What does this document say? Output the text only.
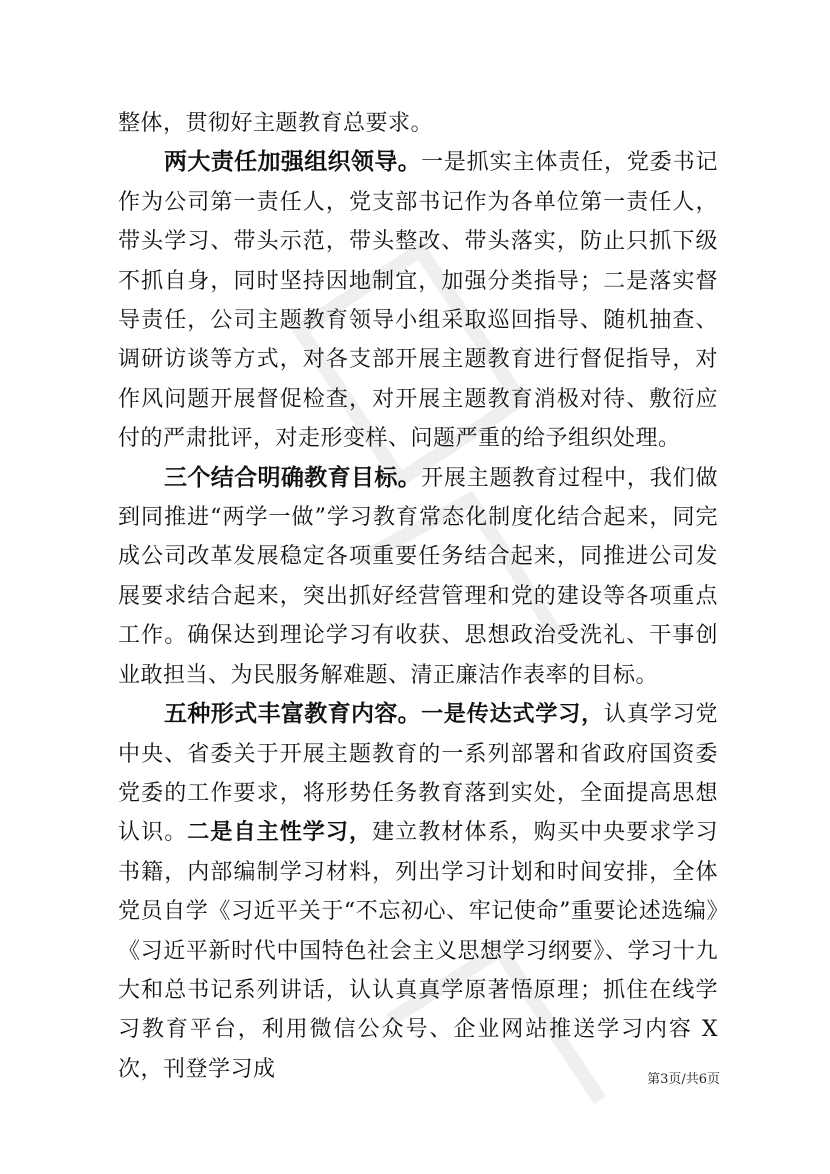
整体，贯彻好主题教育总要求。

两大责任加强组织领导。一是抓实主体责任，党委书记作为公司第一责任人，党支部书记作为各单位第一责任人，带头学习、带头示范，带头整改、带头落实，防止只抓下级不抓自身，同时坚持因地制宜，加强分类指导；二是落实督导责任，公司主题教育领导小组采取巡回指导、随机抽查、调研访谈等方式，对各支部开展主题教育进行督促指导，对作风问题开展督促检查，对开展主题教育消极对待、敷衍应付的严肃批评，对走形变样、问题严重的给予组织处理。

三个结合明确教育目标。开展主题教育过程中，我们做到同推进“两学一做”学习教育常态化制度化结合起来，同完成公司改革发展稳定各项重要任务结合起来，同推进公司发展要求结合起来，突出抓好经营管理和党的建设等各项重点工作。确保达到理论学习有收获、思想政治受洗礼、干事创业敢担当、为民服务解难题、清正廉洁作表率的目标。

五种形式丰富教育内容。一是传达式学习，认真学习党中央、省委关于开展主题教育的一系列部署和省政府国资委党委的工作要求，将形势任务教育落到实处，全面提高思想认识。二是自主性学习，建立教材体系，购买中央要求学习书籍，内部编制学习材料，列出学习计划和时间安排，全体党员自学《习近平关于“不忘初心、牢记使命”重要论述选编》《习近平新时代中国特色社会主义思想学习纲要》、学习十九大和总书记系列讲话，认认真真学原著悟原理；抓住在线学习教育平台，利用微信公众号、企业网站推送学习内容 X 次，刊登学习成	第3页/共6页
